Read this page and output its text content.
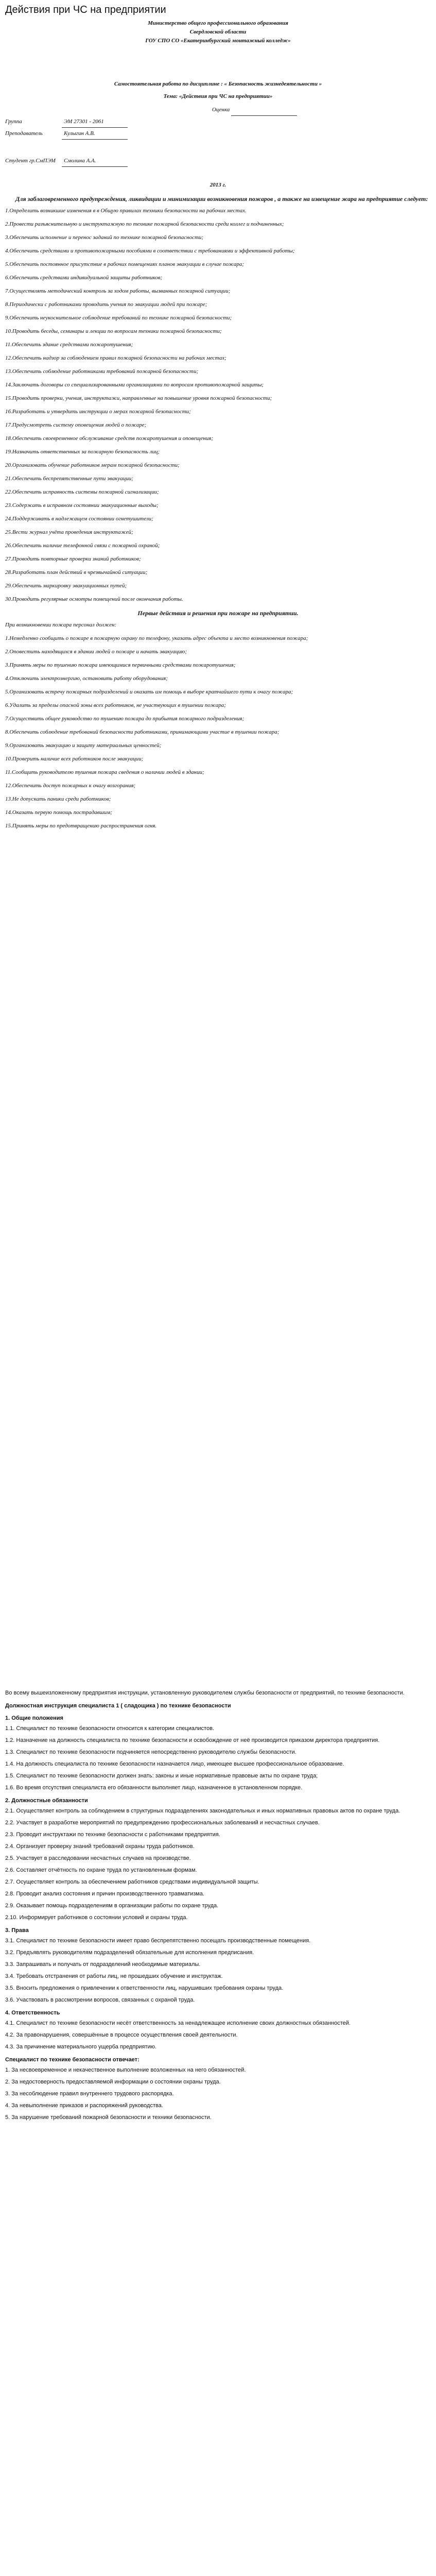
Действия при ЧС на предприятии
Министерство общего профессионального образования
Свердловской области
ГОУ СПО СО «Екатеринбургский монтажный колледж»
Самостоятельная работа по дисциплине : « Безопасность жизнедеятельности »
Тема: «Действия при ЧС на предприятии»
Оценка
Группа	ЭМ 27301 - 2061
Преподаватель	Кулыгин А.В.
Студент гр.СмПЭМ Смолина А.А.
2013 г.
Для заблаговременного предупреждения, ликвидации и минимизации возникновения пожаров , а также на извещение жара на предприятие следует:
1.Определить возникшие изменения в в Общую правилах техники безопасности на рабочих местах.
2.Провести разъяснительную и инструктажную по технике пожарной безопасности среди коллег и подчиненных;
3.Обеспечить исполнение и перенос заданий по технике пожарной безопасности;
4.Обеспечить средствами и противопожарными пособиями в соответствии с требованиями и эффективной работы;
5.Обеспечить постоянное присутствие в рабочих помещениях планов эвакуации в случае пожара;
6.Обеспечить средствами индивидуальной защиты работников;
7.Осуществлять методический контроль за ходом работы, вызванных пожарной ситуации;
8.Периодически с работниками проводить учения по эвакуации людей при пожаре;
9.Обеспечить неукоснительное соблюдение требований по технике пожарной безопасности;
10.Проводить беседы, семинары и лекции по вопросам техники пожарной безопасности;
11.Обеспечить здание средствами пожаротушения;
12.Обеспечить надзор за соблюдением правил пожарной безопасности на рабочих местах;
13.Обеспечить соблюдение работниками требований пожарной безопасности;
14.Заключать договоры со специализированными организациями по вопросам противопожарной защиты;
15.Проводить проверки, учения, инструктажи, направленные на повышение уровня пожарной безопасности;
16.Разработать и утвердить инструкции о мерах пожарной безопасности;
17.Предусмотреть систему оповещения людей о пожаре;
18.Обеспечить своевременное обслуживание средств пожаротушения и оповещения;
19.Назначить ответственных за пожарную безопасность лиц;
20.Организовать обучение работников мерам пожарной безопасности;
21.Обеспечить беспрепятственные пути эвакуации;
22.Обеспечить исправность системы пожарной сигнализации;
23.Содержать в исправном состоянии эвакуационные выходы;
24.Поддерживать в надлежащем состоянии огнетушители;
25.Вести журнал учёта проведения инструктажей;
26.Обеспечить наличие телефонной связи с пожарной охраной;
27.Проводить повторные проверки знаний работников;
28.Разработать план действий в чрезвычайной ситуации;
29.Обеспечить маркировку эвакуационных путей;
30.Проводить регулярные осмотры помещений после окончания работы.
Первые действия и решения при пожаре на предприятии.
При возникновении пожара персонал должен:
1.Немедленно сообщить о пожаре в пожарную охрану по телефону, указать адрес объекта и место возникновения пожара;
2.Оповестить находящихся в здании людей о пожаре и начать эвакуацию;
3.Принять меры по тушению пожара имеющимися первичными средствами пожаротушения;
4.Отключить электроэнергию, остановить работу оборудования;
5.Организовать встречу пожарных подразделений и оказать им помощь в выборе кратчайшего пути к очагу пожара;
6.Удалить за пределы опасной зоны всех работников, не участвующих в тушении пожара;
7.Осуществить общее руководство по тушению пожара до прибытия пожарного подразделения;
8.Обеспечить соблюдение требований безопасности работниками, принимающими участие в тушении пожара;
9.Организовать эвакуацию и защиту материальных ценностей;
10.Проверить наличие всех работников после эвакуации;
11.Сообщить руководителю тушения пожара сведения о наличии людей в здании;
12.Обеспечить доступ пожарных к очагу возгорания;
13.Не допускать паники среди работников;
14.Оказать первую помощь пострадавшим;
15.Принять меры по предотвращению распространения огня.
Во всему вышеизложенному предприятия инструкции, установленную руководителем службы безопасности от предприятий, по технике безопасности.
Должностная инструкция специалиста 1 ( сладощика ) по технике безопасности
1. Общие положения
1.1. Специалист по технике безопасности относится к категории специалистов.
1.2. Назначение на должность специалиста по технике безопасности и освобождение от неё производится приказом директора предприятия.
1.3. Специалист по технике безопасности подчиняется непосредственно руководителю службы безопасности.
1.4. На должность специалиста по технике безопасности назначается лицо, имеющее высшее профессиональное образование.
1.5. Специалист по технике безопасности должен знать: законы и иные нормативные правовые акты по охране труда;
1.6. Во время отсутствия специалиста его обязанности выполняет лицо, назначенное в установленном порядке.
2. Должностные обязанности
2.1. Осуществляет контроль за соблюдением в структурных подразделениях законодательных и иных нормативных правовых актов по охране труда.
2.2. Участвует в разработке мероприятий по предупреждению профессиональных заболеваний и несчастных случаев.
2.3. Проводит инструктажи по технике безопасности с работниками предприятия.
2.4. Организует проверку знаний требований охраны труда работников.
2.5. Участвует в расследовании несчастных случаев на производстве.
2.6. Составляет отчётность по охране труда по установленным формам.
2.7. Осуществляет контроль за обеспечением работников средствами индивидуальной защиты.
2.8. Проводит анализ состояния и причин производственного травматизма.
2.9. Оказывает помощь подразделениям в организации работы по охране труда.
2.10. Информирует работников о состоянии условий и охраны труда.
3. Права
3.1. Специалист по технике безопасности имеет право беспрепятственно посещать производственные помещения.
3.2. Предъявлять руководителям подразделений обязательные для исполнения предписания.
3.3. Запрашивать и получать от подразделений необходимые материалы.
3.4. Требовать отстранения от работы лиц, не прошедших обучение и инструктаж.
3.5. Вносить предложения о привлечении к ответственности лиц, нарушивших требования охраны труда.
3.6. Участвовать в рассмотрении вопросов, связанных с охраной труда.
4. Ответственность
4.1. Специалист по технике безопасности несёт ответственность за ненадлежащее исполнение своих должностных обязанностей.
4.2. За правонарушения, совершённые в процессе осуществления своей деятельности.
4.3. За причинение материального ущерба предприятию.
Специалист по технике безопасности отвечает:
1. За несвоевременное и некачественное выполнение возложенных на него обязанностей.
2. За недостоверность предоставляемой информации о состоянии охраны труда.
3. За несоблюдение правил внутреннего трудового распорядка.
4. За невыполнение приказов и распоряжений руководства.
5. За нарушение требований пожарной безопасности и техники безопасности.
